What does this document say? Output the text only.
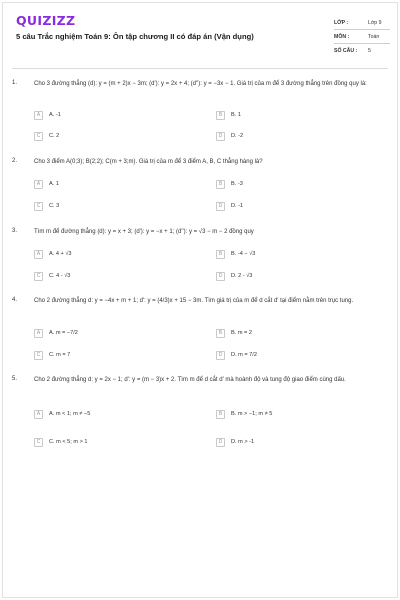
QUIZIZZ
5 câu Trắc nghiệm Toán 9: Ôn tập chương II có đáp án (Vận dụng)
LỚP :	Lớp 9
MÔN :	Toán
SỐ CÂU :	5
1.	Cho 3 đường thẳng (d): y = (m + 2)x − 3m; (d'): y = 2x + 4; (d''): y = −3x − 1. Giá trị của m để 3 đường thẳng trên đồng quy là:
A	A. -1	B	B. 1
C	C. 2	D	D. -2
2.	Cho 3 điểm A(0;3); B(2;2); C(m + 3;m). Giá trị của m để 3 điểm A, B, C thẳng hàng là?
A	A. 1	B	B. -3
C	C. 3	D	D. -1
3.	Tìm m để đường thẳng (d): y = x + 3; (d'): y = −x + 1; (d''): y = √3 − m − 2 đồng quy
A	A. 4 + √3	B	B. -4 − √3
C	C. 4 - √3	D	D. 2 - √3
4.	Cho 2 đường thẳng d: y = −4x + m + 1; d': y = (4/3)x + 15 − 3m. Tìm giá trị của m để d cắt d' tại điểm nằm trên trục tung.
A	A. m = −7/2	B	B. m = 2
C	C. m = 7	D	D. m = 7/2
5.	Cho 2 đường thẳng d: y = 2x − 1; d': y = (m − 3)x + 2. Tìm m để d cắt d' mà hoành độ và tung độ giao điểm cùng dấu.
A	A. m < 1; m ≠ −5	B	B. m > −1; m ≠ 5
C	C. m < 5; m > 1	D	D. m > -1
